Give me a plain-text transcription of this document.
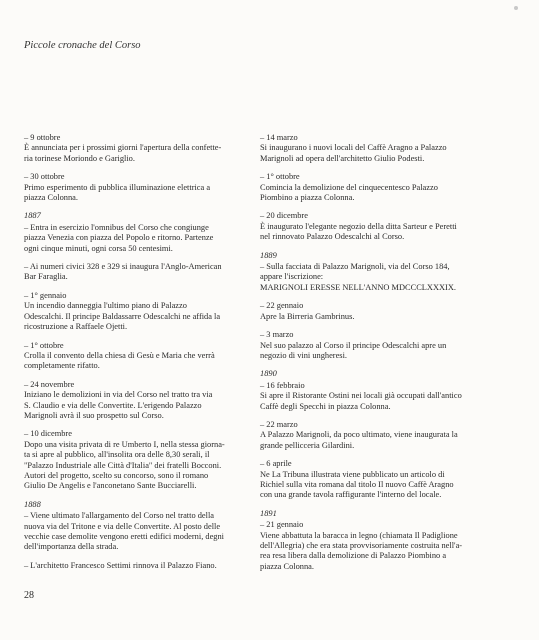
Piccole cronache del Corso
– 9 ottobre
È annunciata per i prossimi giorni l'apertura della confette-
ria torinese Moriondo e Gariglio.
– 30 ottobre
Primo esperimento di pubblica illuminazione elettrica a
piazza Colonna.
1887
– Entra in esercizio l'omnibus del Corso che congiunge
piazza Venezia con piazza del Popolo e ritorno. Partenze
ogni cinque minuti, ogni corsa 50 centesimi.
– Ai numeri civici 328 e 329 si inaugura l'Anglo-American
Bar Faraglia.
– 1° gennaio
Un incendio danneggia l'ultimo piano di Palazzo
Odescalchi. Il principe Baldassarre Odescalchi ne affida la
ricostruzione a Raffaele Ojetti.
– 1° ottobre
Crolla il convento della chiesa di Gesù e Maria che verrà
completamente rifatto.
– 24 novembre
Iniziano le demolizioni in via del Corso nel tratto tra via
S. Claudio e via delle Convertite. L'erigendo Palazzo
Marignoli avrà il suo prospetto sul Corso.
– 10 dicembre
Dopo una visita privata di re Umberto I, nella stessa giorna-
ta si apre al pubblico, all'insolita ora delle 8,30 serali, il
"Palazzo Industriale alle Città d'Italia" dei fratelli Bocconi.
Autori del progetto, scelto su concorso, sono il romano
Giulio De Angelis e l'anconetano Sante Bucciarelli.
1888
– Viene ultimato l'allargamento del Corso nel tratto della
nuova via del Tritone e via delle Convertite. Al posto delle
vecchie case demolite vengono eretti edifici moderni, degni
dell'importanza della strada.
– L'architetto Francesco Settimi rinnova il Palazzo Fiano.
– 14 marzo
Si inaugurano i nuovi locali del Caffè Aragno a Palazzo
Marignoli ad opera dell'architetto Giulio Podesti.
– 1° ottobre
Comincia la demolizione del cinquecentesco Palazzo
Piombino a piazza Colonna.
– 20 dicembre
È inaugurato l'elegante negozio della ditta Sarteur e Peretti
nel rinnovato Palazzo Odescalchi al Corso.
1889
– Sulla facciata di Palazzo Marignoli, via del Corso 184,
appare l'iscrizione:
MARIGNOLI ERESSE NELL'ANNO MDCCCLXXXIX.
– 22 gennaio
Apre la Birreria Gambrinus.
– 3 marzo
Nel suo palazzo al Corso il principe Odescalchi apre un
negozio di vini ungheresi.
1890
– 16 febbraio
Si apre il Ristorante Ostini nei locali già occupati dall'antico
Caffè degli Specchi in piazza Colonna.
– 22 marzo
A Palazzo Marignoli, da poco ultimato, viene inaugurata la
grande pellicceria Gilardini.
– 6 aprile
Ne La Tribuna illustrata viene pubblicato un articolo di
Richiel sulla vita romana dal titolo Il nuovo Caffè Aragno
con una grande tavola raffigurante l'interno del locale.
1891
– 21 gennaio
Viene abbattuta la baracca in legno (chiamata Il Padiglione
dell'Allegria) che era stata provvisoriamente costruita nell'a-
rea resa libera dalla demolizione di Palazzo Piombino a
piazza Colonna.
28
